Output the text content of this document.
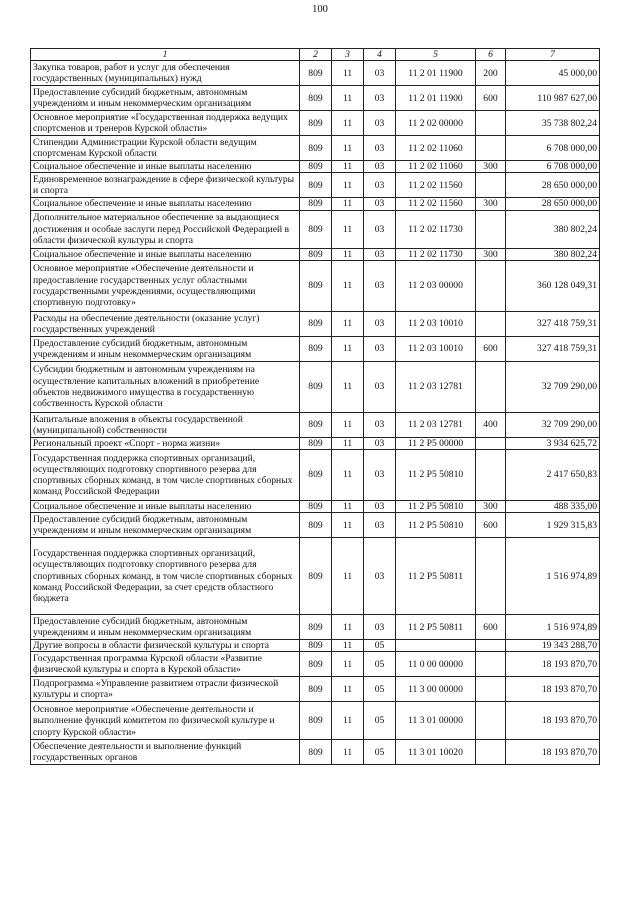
100
1	2	3	4	5	6	7
Закупка товаров, работ и услуг для обеспечения государственных (муниципальных) нужд	809	11	03	11 2 01 11900	200	45 000,00
Предоставление субсидий бюджетным, автономным учреждениям и иным некоммерческим организациям	809	11	03	11 2 01 11900	600	110 987 627,00
Основное мероприятие «Государственная поддержка ведущих спортсменов и тренеров Курской области»	809	11	03	11 2 02 00000		35 738 802,24
Стипендии Администрации Курской области ведущим спортсменам Курской области	809	11	03	11 2 02 11060		6 708 000,00
Социальное обеспечение и иные выплаты населению	809	11	03	11 2 02 11060	300	6 708 000,00
Единовременное вознаграждение в сфере физической культуры и спорта	809	11	03	11 2 02 11560		28 650 000,00
Социальное обеспечение и иные выплаты населению	809	11	03	11 2 02 11560	300	28 650 000,00
Дополнительное материальное обеспечение за выдающиеся достижения и особые заслуги перед Российской Федерацией в области физической культуры и спорта	809	11	03	11 2 02 11730		380 802,24
Социальное обеспечение и иные выплаты населению	809	11	03	11 2 02 11730	300	380 802,24
Основное мероприятие «Обеспечение деятельности и предоставление государственных услуг областными государственными учреждениями, осуществляющими спортивную подготовку»	809	11	03	11 2 03 00000		360 128 049,31
Расходы на обеспечение деятельности (оказание услуг) государственных учреждений	809	11	03	11 2 03 10010		327 418 759,31
Предоставление субсидий бюджетным, автономным учреждениям и иным некоммерческим организациям	809	11	03	11 2 03 10010	600	327 418 759,31
Субсидии бюджетным и автономным учреждениям на осуществление капитальных вложений в приобретение объектов недвижимого имущества в государственную собственность Курской области	809	11	03	11 2 03 12781		32 709 290,00
Капитальные вложения в объекты государственной (муниципальной) собственности	809	11	03	11 2 03 12781	400	32 709 290,00
Региональный проект «Спорт - норма жизни»	809	11	03	11 2 P5 00000		3 934 625,72
Государственная поддержка спортивных организаций, осуществляющих подготовку спортивного резерва для спортивных сборных команд, в том числе спортивных сборных команд Российской Федерации	809	11	03	11 2 P5 50810		2 417 650,83
Социальное обеспечение и иные выплаты населению	809	11	03	11 2 P5 50810	300	488 335,00
Предоставление субсидий бюджетным, автономным учреждениям и иным некоммерческим организациям	809	11	03	11 2 P5 50810	600	1 929 315,83
Государственная поддержка спортивных организаций, осуществляющих подготовку спортивного резерва для спортивных сборных команд, в том числе спортивных сборных команд Российской Федерации, за счет средств областного бюджета	809	11	03	11 2 P5 50811		1 516 974,89
Предоставление субсидий бюджетным, автономным учреждениям и иным некоммерческим организациям	809	11	03	11 2 P5 50811	600	1 516 974,89
Другие вопросы в области физической культуры и спорта	809	11	05			19 343 288,70
Государственная программа Курской области «Развитие физической культуры и спорта в Курской области»	809	11	05	11 0 00 00000		18 193 870,70
Подпрограмма «Управление развитием отрасли физической культуры и спорта»	809	11	05	11 3 00 00000		18 193 870,70
Основное мероприятие «Обеспечение деятельности и выполнение функций комитетом по физической культуре и спорту Курской области»	809	11	05	11 3 01 00000		18 193 870,70
Обеспечение деятельности и выполнение функций государственных органов	809	11	05	11 3 01 10020		18 193 870,70
